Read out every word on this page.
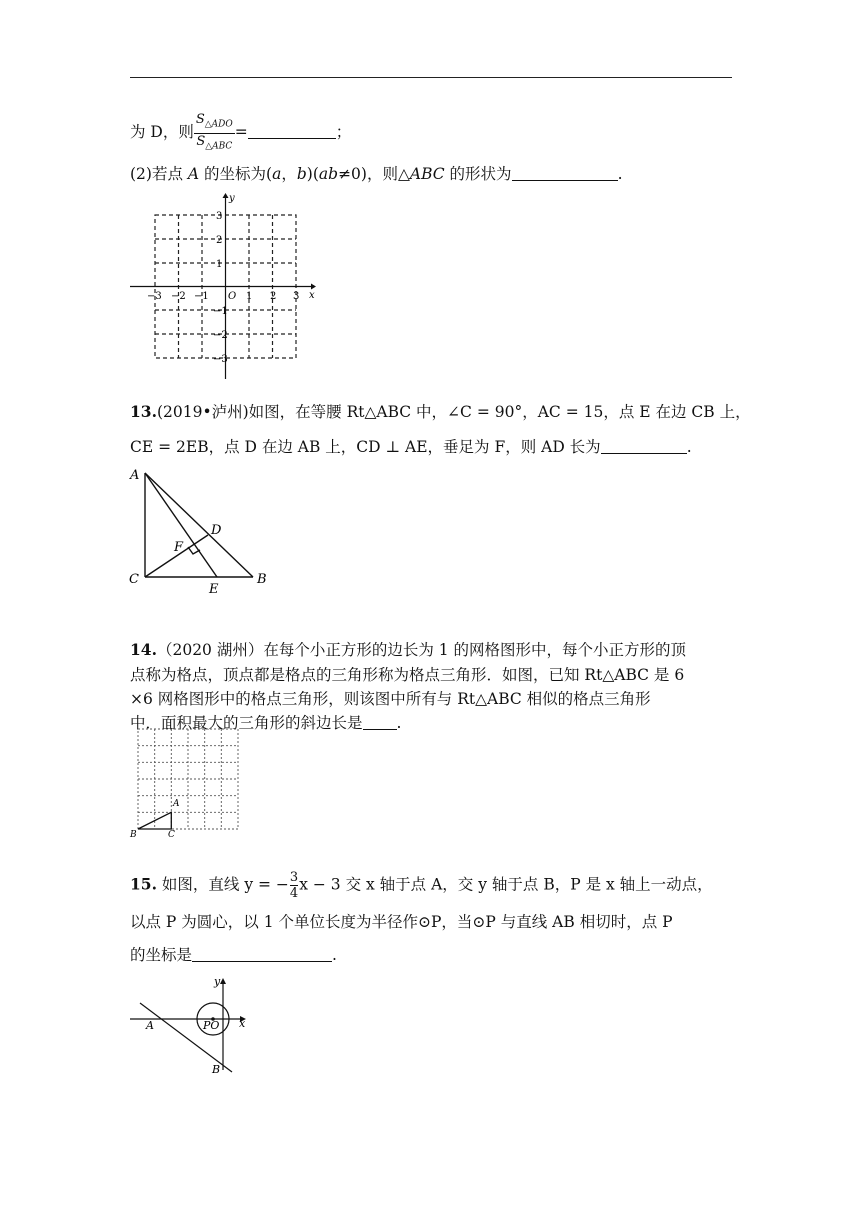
为 D，则 $\frac{S_{\triangle ADO}}{S_{\triangle ABC}}$ =	；
(2)若点 A 的坐标为(a，b)(ab≠0)，则△ABC 的形状为	.
y
x
O
−3 −2 −1	1 2 3
3
2
1
−1
−2
−3
13.(2019•泸州)如图，在等腰 Rt△ABC 中，∠C = 90°，AC = 15，点 E 在边 CB 上，
CE = 2EB，点 D 在边 AB 上，CD ⊥ AE，垂足为 F，则 AD 长为	.
A
C	B
D
E
F
14.（2020 湖州）在每个小正方形的边长为 1 的网格图形中，每个小正方形的顶
点称为格点，顶点都是格点的三角形称为格点三角形．如图，已知 Rt△ABC 是 6
×6 网格图形中的格点三角形，则该图中所有与 Rt△ABC 相似的格点三角形
中．面积最大的三角形的斜边长是 .
A
B	C
15. 如图，直线 y = − $\frac{3}{4}$ x − 3 交 x 轴于点 A，交 y 轴于点 B，P 是 x 轴上一动点，
以点 P 为圆心，以 1 个单位长度为半径作⊙P，当⊙P 与直线 AB 相切时，点 P
的坐标是	.
y
x
A	PO
B
